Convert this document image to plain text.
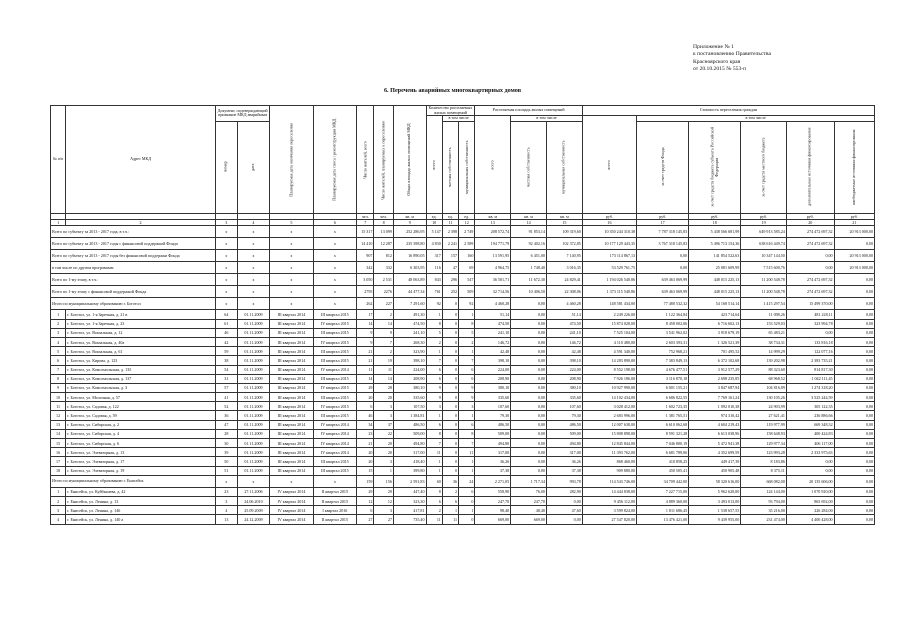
Приложение № 1
к постановлению Правительства
Красноярского края
от 20.10.2015 № 553-п
6. Перечень аварийных многоквартирных домов
№ п/п	Адрес МКД	Документ, подтверждающий признание МКД аварийным		Планируемая дата окончания переселения	Планируемая дата сноса / реконструкции МКД	Число жителей, всего	Число жителей, планируемых к переселению	Общая площадь жилых помещений МКД	Количество расселяемых жилых помещений			Расселяемая площадь жилых помещений			Стоимость переселения граждан					
									всего	в том числе		всего	в том числе		всего	в том числе				
		номер	дата							частная собственность	муниципальная собственность		частная собственность	муниципальная собственность		за счет средств Фонда	за счет средств бюджета субъекта Российской Федерации	за счет средств местного бюджета	дополнительные источники финансирования	внебюджетные источники финансирования
						чел.	чел.	кв. м	ед.	ед.	ед.	кв. м	кв. м	кв. м	руб.	руб.	руб.	руб.	руб.	руб.
1	2	3	4	5	6	7	8	9	10	11	12	13	14	15	16	17	18	19	20	21
Всего по субъекту за 2013 - 2017 года, в т.ч.:		x	x	x	x	15 317	13 099	252 286,95	5 147	2 398	2 749	208 572,74	91 853,14	109 319,60	10 350 244 310,38	7 787 318 145,83	5 438 566 681,99	649 913 585,24	274 472 697,32	20 913 000,00
Всего по субъекту за 2013 - 2017 годы с финансовой поддержкой Фонда		x	x	x	x	14 410	12 287	235 398,80	4 830	2 241	2 589	194 771,79	92 402,16	102 372,85	10 177 129 443,35	3 767 318 145,83	5 496 713 154,36	638 616 449,74	274 472 697,32	0,00
Всего по субъекту за 2013 - 2017 годы без финансовой поддержки Фонда		x	x	x	x	907	812	16 890,05	317	157	160	13 591,95	6 451,00	7 140,95	173 114 867,13	0,00	141 854 522,63	10 347 144,50	0,00	20 913 000,00
в том числе по другим программам		x	x	x	x	342	332	6 303,95	116	47	69	4 964,75	1 748,40	3 016,35	53 529 761,75	0,00	25 081 609,99	7 515 600,76	0,00	20 913 000,00
Всего по 1-му этапу, в т.ч.:		x	x	x	x	3 050	2 531	48 063,89	843	296	547	36 501,71	11 672,30	24 829,41	1 194 026 540,86	639 463 069,99	448 015 225,13	11 200 548,78	274 472 697,32	0,00
Всего по 1-му этапу с финансовой поддержкой Фонда		x	x	x	x	2795	2276	44 477,34	761	252	509	32 714,56	10 406,50	22 308,06	1 373 115 540,86	639 463 069,99	448 015 225,13	11 200 548,78	274 472 697,32	0,00
Итого по муниципальному образованию г. Боготол		x	x	x	x	262	227	7 291,60	92	0	92	4 460,28	0,00	4 460,28	148 581 434,00	77 480 532,32	54 168 514,14	1 415 297,54	15 499 370,00	0,00
1	г. Боготол, ул. 1-я Заречная, д. 21 в	64	01.11.2009	III квартал 2014	III квартал 2015	17	2	491,30	1	0	1	51,14	0,00	51,14	2 249 226,00	1 122 364,84	423 714,64	11 098,26	481 228,11	0,00
2	г. Боготол, ул. 1-я Заречная, д. 23	61	01.11.2009	III квартал 2014	IV квартал 2015	14	14	474,50	8	0	8	474,50	0,00	474,50	15 874 028,00	8 458 002,06	6 716 602,13	153 529,03	323 994,78	0,00
3	г. Боготол, ул. Вокзальная, д. 12	46	01.11.2009	III квартал 2014	III квартал 2015	9	9	241,10	5	0	5	241,10	0,00	241,10	7 525 104,00	3 541 962,02	3 918 679,19	65 483,21	0,00	0,00
4	г. Боготол, ул. Вокзальная, д. 40а	42	01.11.2009	III квартал 2014	IV квартал 2015	9	7	268,30	2	0	2	146,72	0,00	146,72	4 110 480,00	2 603 393,31	1 326 521,39	38 734,31	133 816,18	0,00
5	г. Боготол, ул. Вокзальная, д. 61	59	01.11.2009	III квартал 2014	III квартал 2015	21	2	323,90	1	0	1	42,48	0,00	42,48	4 591 340,00	752 968,21	701 495,52	14 999,29	122 077,16	0,00
6	г. Боготол, ул. Кирова, д. 123	38	01.11.2009	III квартал 2014	III квартал 2015	21	19	398,10	7	0	7	398,10	0,00	398,10	14 283 890,00	7 383 849,13	6 372 102,68	139 202,98	2 383 735,21	0,00
7	г. Боготол, ул. Комсомольская, д. 135	54	01.11.2009	III квартал 2014	IV квартал 2014	11	11	224,00	6	0	6	224,00	0,00	224,00	8 552 198,00	4 676 477,51	3 912 577,29	88 323,60	814 817,30	0,00
8	г. Боготол, ул. Комсомольская, д. 137	31	01.11.2009	III квартал 2014	III квартал 2015	14	14	208,90	6	0	6	208,90	0,00	208,90	7 926 186,00	3 116 870,18	2 698 235,85	68 968,52	1 042 111,45	0,00
9	г. Боготол, ул. Комсомольская, д. 3	57	01.11.2009	III квартал 2014	IV квартал 2015	29	28	380,10	9	0	9	380,10	0,00	380,10	10 927 990,00	6 001 155,21	3 847 687,94	104 816,89	1 274 318,20	0,00
10	г. Боготол, ул. Молочная, д. 57	41	01.11.2009	III квартал 2014	III квартал 2015	20	20	335,60	9	0	9	335,60	0,00	335,60	14 102 434,00	6 686 822,55	7 769 161,24	130 105,26	3 525 244,59	0,00
11	г. Боготол, ул. Садовая, д. 122	52	01.11.2009	III квартал 2014	IV квартал 2015	6	3	107,50	3	0	3	107,60	0,00	107,60	3 028 412,00	1 602 723,35	1 092 010,38	24 903,99	305 122,35	0,00
12	г. Боготол, ул. Садовая, д. 59	36	01.11.2009	III квартал 2014	III квартал 2015	46	3	1 384,81	1	0	1	79,30	0,00	79,30	2 683 996,00	1 381 765,51	974 310,42	27 621,41	236 886,66	0,00
13	г. Боготол, ул. Сибирская, д. 2	47	01.11.2009	III квартал 2014	IV квартал 2014	34	37	486,50	6	0	6	486,50	0,00	486,50	12 007 638,00	6 610 062,68	4 604 219,43	119 977,99	669 348,32	0,00
14	г. Боготол, ул. Сибирская, д. 4	28	01.11.2009	III квартал 2014	IV квартал 2014	23	22	509,00	8	0	8	509,00	0,00	509,00	15 808 898,00	8 591 321,28	6 613 038,96	158 648,93	400 424,83	0,00
15	г. Боготол, ул. Сибирская, д. 6	30	01.11.2009	III квартал 2014	IV квартал 2014	21	20	494,80	7	0	7	494,80	0,00	494,80	12 845 844,00	7 046 800,19	5 472 941,38	129 977,34	406 117,00	0,00
16	г. Боготол, ул. Элеваторная, д. 13	39	01.11.2009	III квартал 2014	IV квартал 2014	20	20	317,00	11	0	11	317,00	0,00	317,00	11 393 762,00	6 681 789,06	4 352 699,59	123 993,28	2 333 975,63	0,00
17	г. Боготол, ул. Элеваторная, д. 17	50	01.11.2009	III квартал 2014	III квартал 2015	20	3	418,40	1	0	1	36,26	0,00	36,26	868 460,00	410 858,25	449 417,39	8 183,86	0,00	0,00
18	г. Боготол, ул. Элеваторная, д. 19	51	01.11.2009	III квартал 2014	III квартал 2015	15	1	399,80	1	0	1	37,38	0,00	37,38	909 880,00	450 505,41	450 905,48	8 375,11	0,00	0,00
Итого по муниципальному образованию г. Енисейск		x	x	x	x	159	156	2 591,83	60	36	24	2 271,05	1 717,34	993,78	114 543 746,00	34 709 442,00	58 320 616,00	668 082,00	20 135 606,00	0,00
1	г. Енисейск, ул. Куйбышева, д. 42	23	27.11.2006	IV квартал 2014	II квартал 2015	29	29	447,40	8	2	6	558,90	76,00	282,90	14 444 838,00	7 227 715,00	5 962 620,00	124 144,00	1 070 920,00	0,00
2	г. Енисейск, ул. Ленина, д. 13	3	24.06.2010	IV квартал 2014	II квартал 2015	12	12	323,30	6	6	0	247,70	247,70	0,00	9 456 112,00	4 889 360,00	3 493 013,00	93 794,00	865 692,00	0,00
3	г. Енисейск, ул. Ленина, д. 146	4	25.09.2009	IV квартал 2014	I квартал 2016	6	3	417,81	2	1	1	98,40	48,40	47,60	3 599 824,00	1 811 686,45	1 538 657,55	35 216,00	226 284,00	0,00
4	г. Енисейск, ул. Ленина, д. 140 а	13	24.12.2009	IV квартал 2014	II квартал 2015	27	27	735,40	11	11	0	669,00	669,00	0,00	27 547 820,00	13 476 421,00	9 439 955,00	231 474,00	4 400 428,00	0,00
